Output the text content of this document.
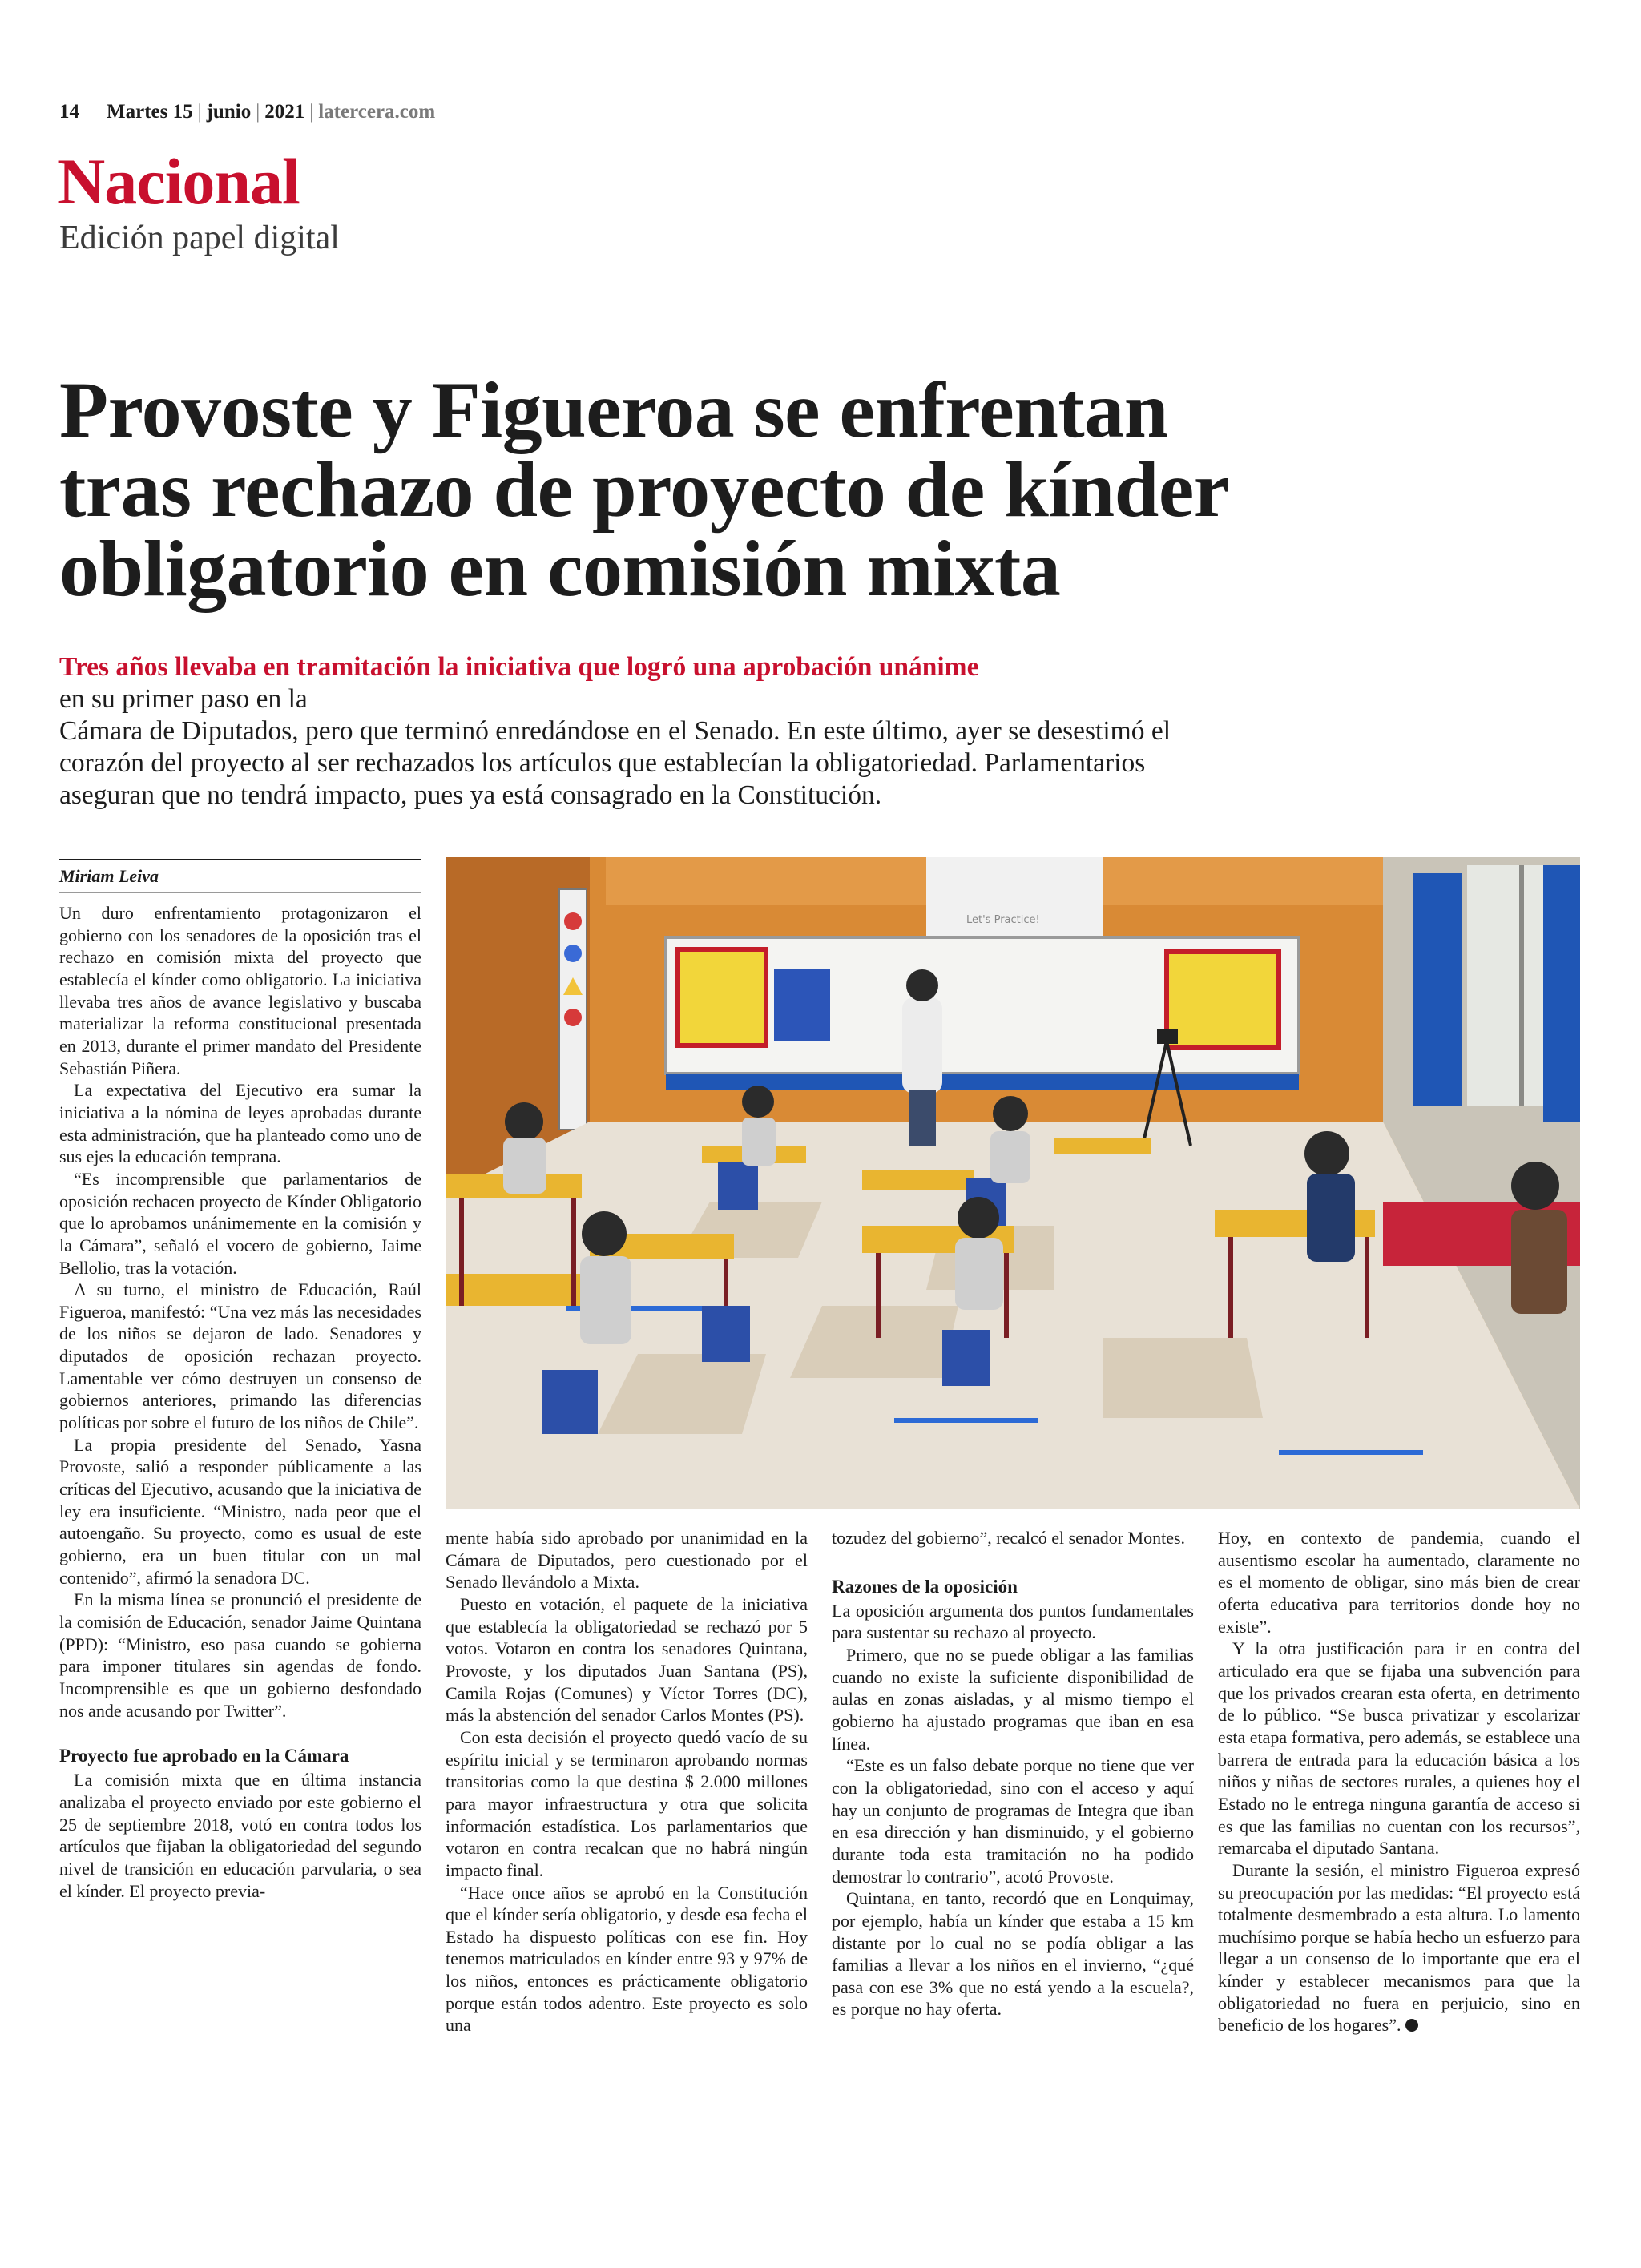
14 Martes 15 | junio | 2021 | latercera.com
Nacional
Edición papel digital
Provoste y Figueroa se enfrentan
tras rechazo de proyecto de kínder
obligatorio en comisión mixta
Tres años llevaba en tramitación la iniciativa que logró una aprobación unánime
en su primer paso en la
Cámara de Diputados, pero que terminó enredándose en el Senado. En este último, ayer se desestimó el
corazón del proyecto al ser rechazados los artículos que establecían la obligatoriedad. Parlamentarios
aseguran que no tendrá impacto, pues ya está consagrado en la Constitución.
Miriam Leiva
Let's Practice!

Un duro enfrentamiento protagonizaron el gobierno con los senadores de la oposición tras el rechazo en comisión mixta del proyecto que establecía el kínder como obligatorio. La iniciativa llevaba tres años de avance legislativo y buscaba materializar la reforma constitucional presentada en 2013, durante el primer mandato del Presidente Sebastián Piñera.

La expectativa del Ejecutivo era sumar la iniciativa a la nómina de leyes aprobadas durante esta administración, que ha planteado como uno de sus ejes la educación temprana.

“Es incomprensible que parlamentarios de oposición rechacen proyecto de Kínder Obligatorio que lo aprobamos unánimemente en la comisión y la Cámara”, señaló el vocero de gobierno, Jaime Bellolio, tras la votación.

A su turno, el ministro de Educación, Raúl Figueroa, manifestó: “Una vez más las necesidades de los niños se dejaron de lado. Senadores y diputados de oposición rechazan proyecto. Lamentable ver cómo destruyen un consenso de gobiernos anteriores, primando las diferencias políticas por sobre el futuro de los niños de Chile”.

La propia presidente del Senado, Yasna Provoste, salió a responder públicamente a las críticas del Ejecutivo, acusando que la iniciativa de ley era insuficiente. “Ministro, nada peor que el autoengaño. Su proyecto, como es usual de este gobierno, era un buen titular con un mal contenido”, afirmó la senadora DC.

En la misma línea se pronunció el presidente de la comisión de Educación, senador Jaime Quintana (PPD): “Ministro, eso pasa cuando se gobierna para imponer titulares sin agendas de fondo. Incomprensible es que un gobierno desfondado nos ande acusando por Twitter”.

Proyecto fue aprobado en la Cámara

La comisión mixta que en última instancia analizaba el proyecto enviado por este gobierno el 25 de septiembre 2018, votó en contra todos los artículos que fijaban la obligatoriedad del segundo nivel de transición en educación parvularia, o sea el kínder. El proyecto previa-

mente había sido aprobado por unanimidad en la Cámara de Diputados, pero cuestionado por el Senado llevándolo a Mixta.

Puesto en votación, el paquete de la iniciativa que establecía la obligatoriedad se rechazó por 5 votos. Votaron en contra los senadores Quintana, Provoste, y los diputados Juan Santana (PS), Camila Rojas (Comunes) y Víctor Torres (DC), más la abstención del senador Carlos Montes (PS).

Con esta decisión el proyecto quedó vacío de su espíritu inicial y se terminaron aprobando normas transitorias como la que destina $ 2.000 millones para mayor infraestructura y otra que solicita información estadística. Los parlamentarios que votaron en contra recalcan que no habrá ningún impacto final.

“Hace once años se aprobó en la Constitución que el kínder sería obligatorio, y desde esa fecha el Estado ha dispuesto políticas con ese fin. Hoy tenemos matriculados en kínder entre 93 y 97% de los niños, entonces es prácticamente obligatorio porque están todos adentro. Este proyecto es solo una

tozudez del gobierno”, recalcó el senador Montes.

Razones de la oposición

La oposición argumenta dos puntos fundamentales para sustentar su rechazo al proyecto.

Primero, que no se puede obligar a las familias cuando no existe la suficiente disponibilidad de aulas en zonas aisladas, y al mismo tiempo el gobierno ha ajustado programas que iban en esa línea.

“Este es un falso debate porque no tiene que ver con la obligatoriedad, sino con el acceso y aquí hay un conjunto de programas de Integra que iban en esa dirección y han disminuido, y el gobierno durante toda esta tramitación no ha podido demostrar lo contrario”, acotó Provoste.

Quintana, en tanto, recordó que en Lonquimay, por ejemplo, había un kínder que estaba a 15 km distante por lo cual no se podía obligar a las familias a llevar a los niños en el invierno, “¿qué pasa con ese 3% que no está yendo a la escuela?, es porque no hay oferta.

Hoy, en contexto de pandemia, cuando el ausentismo escolar ha aumentado, claramente no es el momento de obligar, sino más bien de crear oferta educativa para territorios donde hoy no existe”.

Y la otra justificación para ir en contra del articulado era que se fijaba una subvención para que los privados crearan esta oferta, en detrimento de lo público. “Se busca privatizar y escolarizar esta etapa formativa, pero además, se establece una barrera de entrada para la educación básica a los niños y niñas de sectores rurales, a quienes hoy el Estado no le entrega ninguna garantía de acceso si es que las familias no cuentan con los recursos”, remarcaba el diputado Santana.

Durante la sesión, el ministro Figueroa expresó su preocupación por las medidas: “El proyecto está totalmente desmembrado a esta altura. Lo lamento muchísimo porque se había hecho un esfuerzo para llegar a un consenso de lo importante que era el kínder y establecer mecanismos para que la obligatoriedad no fuera en perjuicio, sino en beneficio de los hogares”.
